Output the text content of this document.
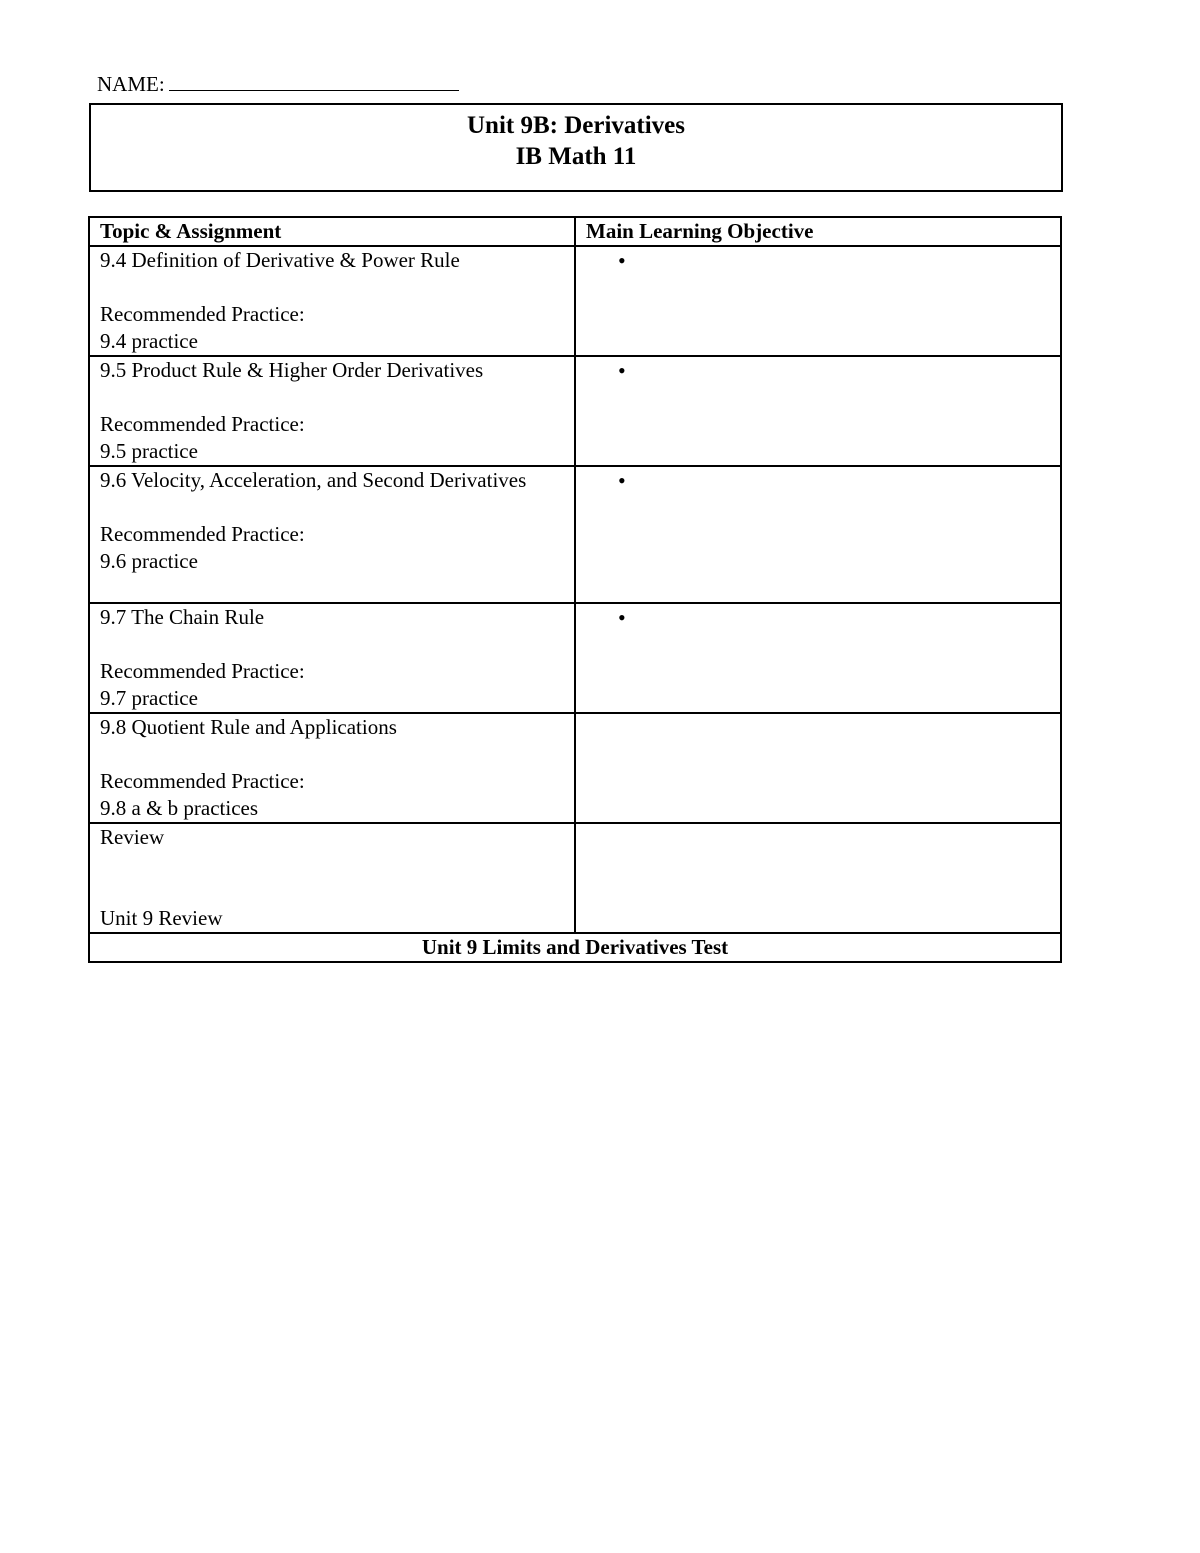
NAME:
Unit 9B: Derivatives
IB Math 11
Topic & Assignment	Main Learning Objective

9.4 Definition of Derivative & Power Rule
Recommended Practice:
9.4 practice	•

9.5 Product Rule & Higher Order Derivatives
Recommended Practice:
9.5 practice	•

9.6 Velocity, Acceleration, and Second Derivatives
Recommended Practice:
9.6 practice	•

9.7 The Chain Rule
Recommended Practice:
9.7 practice	•

9.8 Quotient Rule and Applications
Recommended Practice:
9.8 a & b practices	

Review
Unit 9 Review	

Unit 9 Limits and Derivatives Test	
